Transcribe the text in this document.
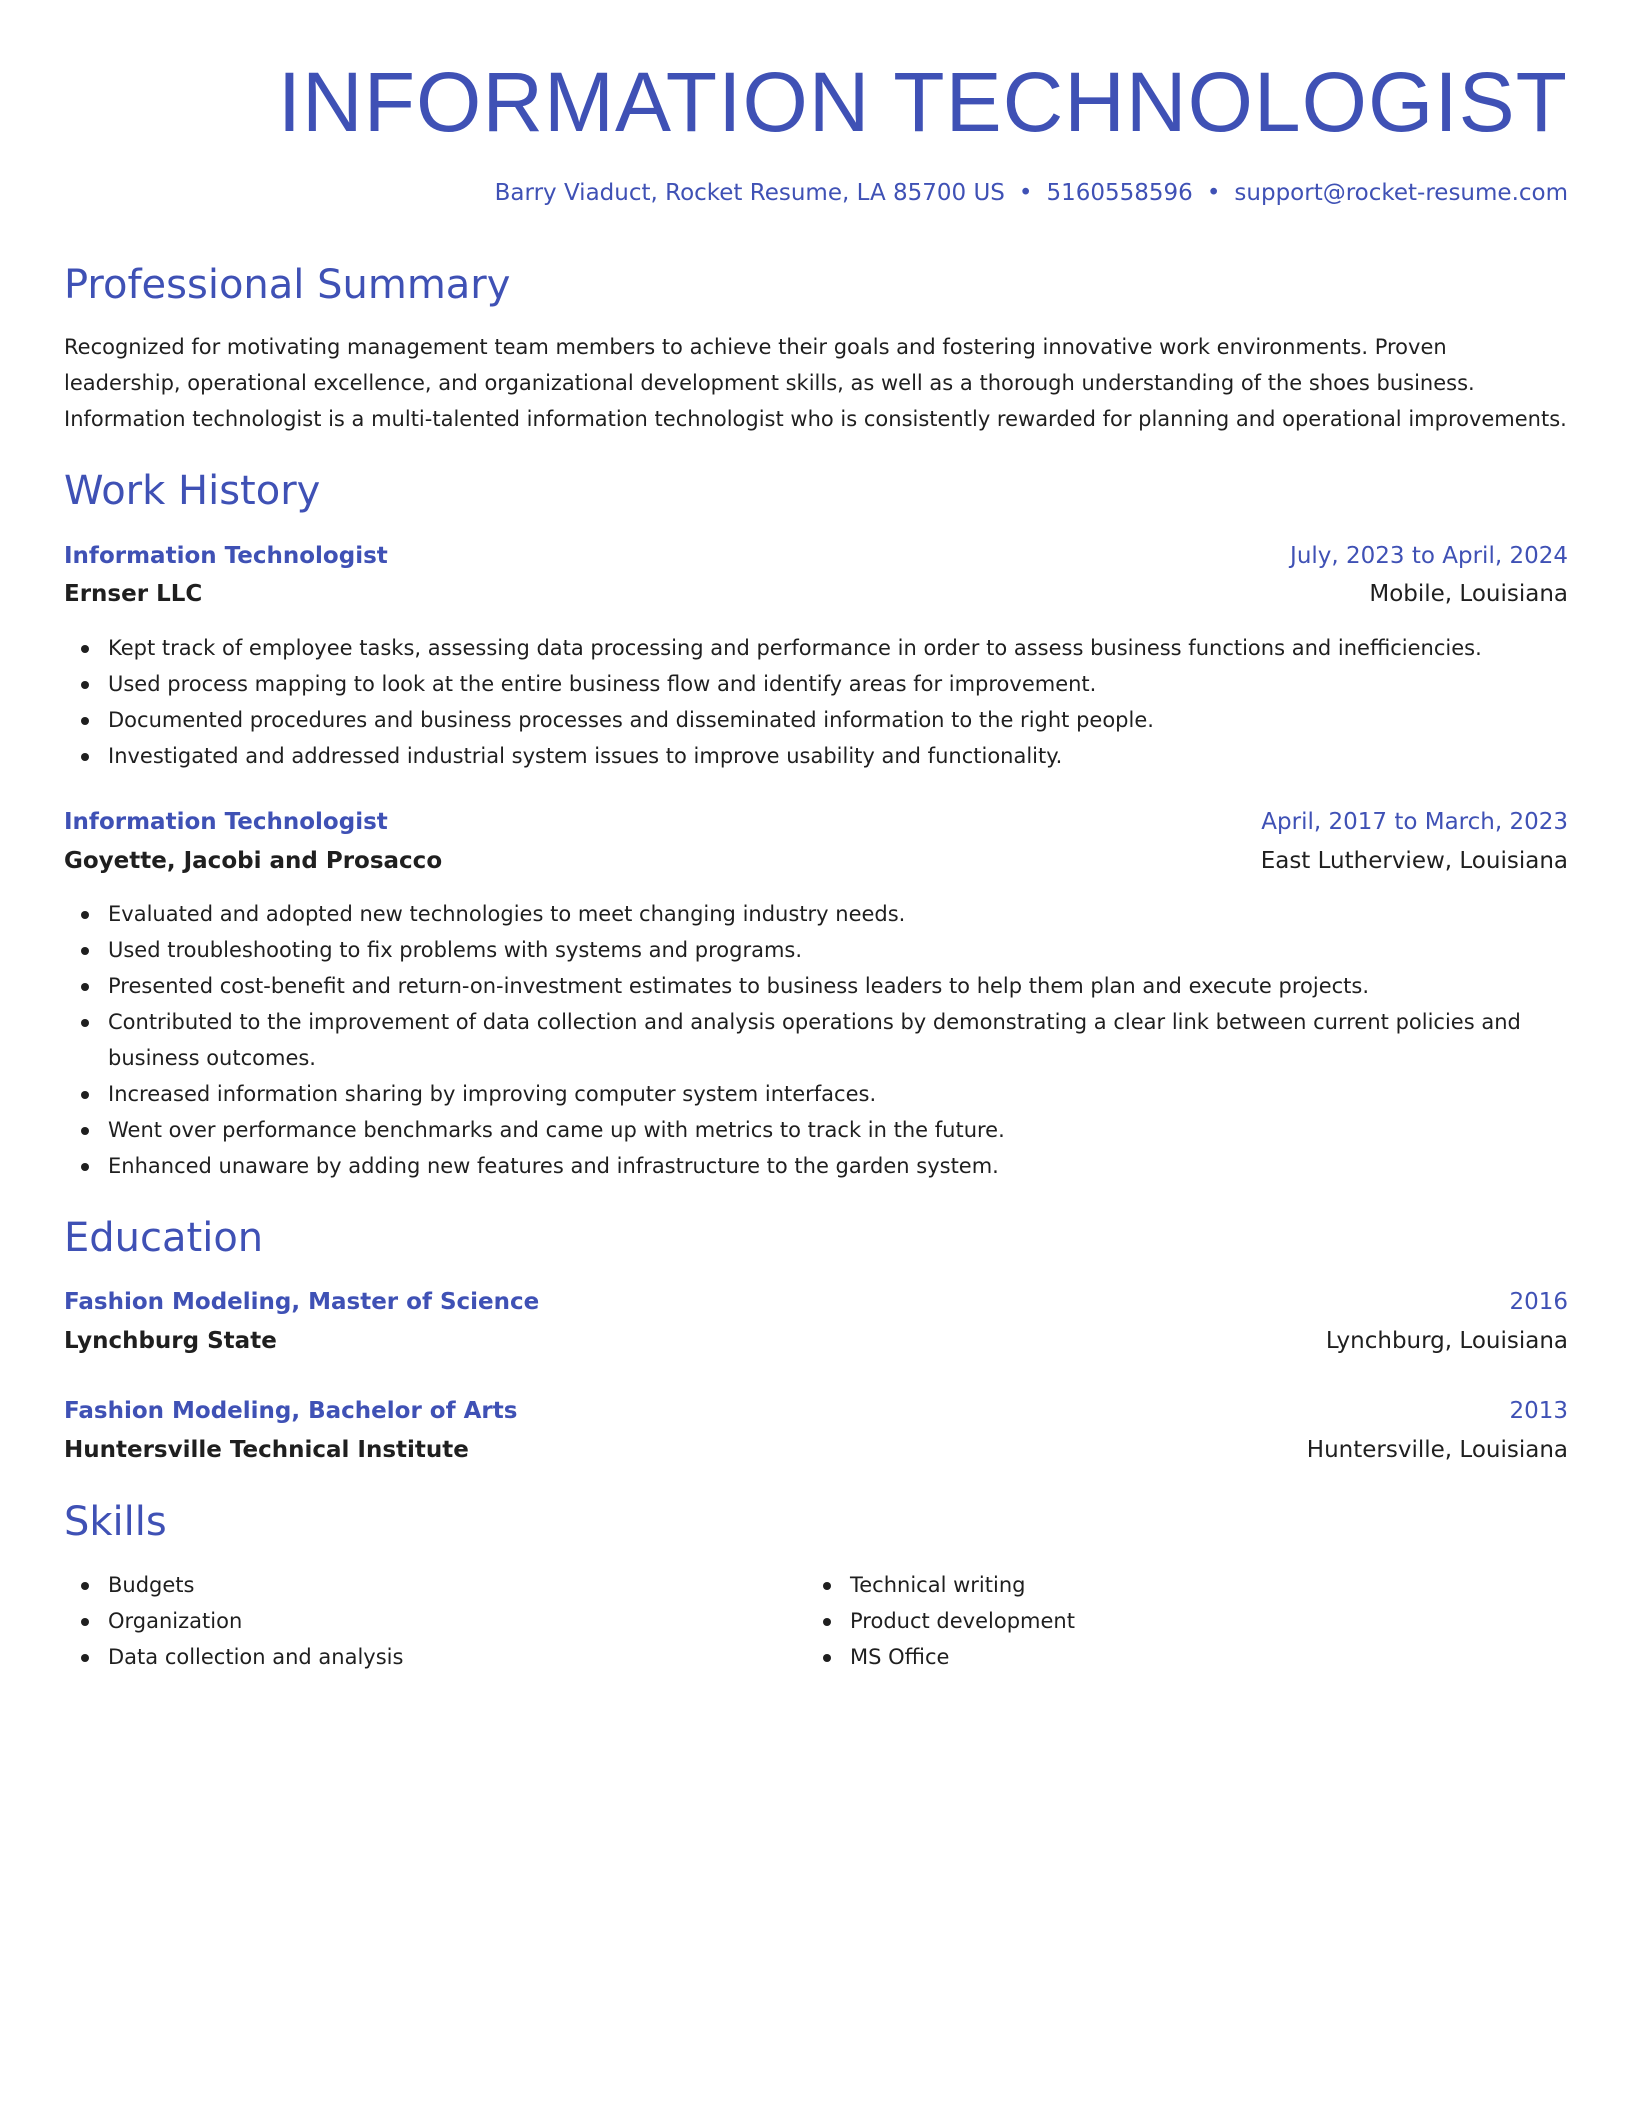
INFORMATION TECHNOLOGIST
Barry Viaduct, Rocket Resume, LA 85700 US • 5160558596 • support@rocket-resume.com
Professional Summary
Recognized for motivating management team members to achieve their goals and fostering innovative work environments. Proven leadership, operational excellence, and organizational development skills, as well as a thorough understanding of the shoes business. Information technologist is a multi-talented information technologist who is consistently rewarded for planning and operational improvements.
Work History
Information Technologist	July, 2023 to April, 2024
Ernser LLC	Mobile, Louisiana
Kept track of employee tasks, assessing data processing and performance in order to assess business functions and inefficiencies.
Used process mapping to look at the entire business flow and identify areas for improvement.
Documented procedures and business processes and disseminated information to the right people.
Investigated and addressed industrial system issues to improve usability and functionality.
Information Technologist	April, 2017 to March, 2023
Goyette, Jacobi and Prosacco	East Lutherview, Louisiana
Evaluated and adopted new technologies to meet changing industry needs.
Used troubleshooting to fix problems with systems and programs.
Presented cost-benefit and return-on-investment estimates to business leaders to help them plan and execute projects.
Contributed to the improvement of data collection and analysis operations by demonstrating a clear link between current policies and business outcomes.
Increased information sharing by improving computer system interfaces.
Went over performance benchmarks and came up with metrics to track in the future.
Enhanced unaware by adding new features and infrastructure to the garden system.
Education
Fashion Modeling, Master of Science	2016
Lynchburg State	Lynchburg, Louisiana
Fashion Modeling, Bachelor of Arts	2013
Huntersville Technical Institute	Huntersville, Louisiana
Skills
Budgets
Organization
Data collection and analysis
Technical writing
Product development
MS Office
